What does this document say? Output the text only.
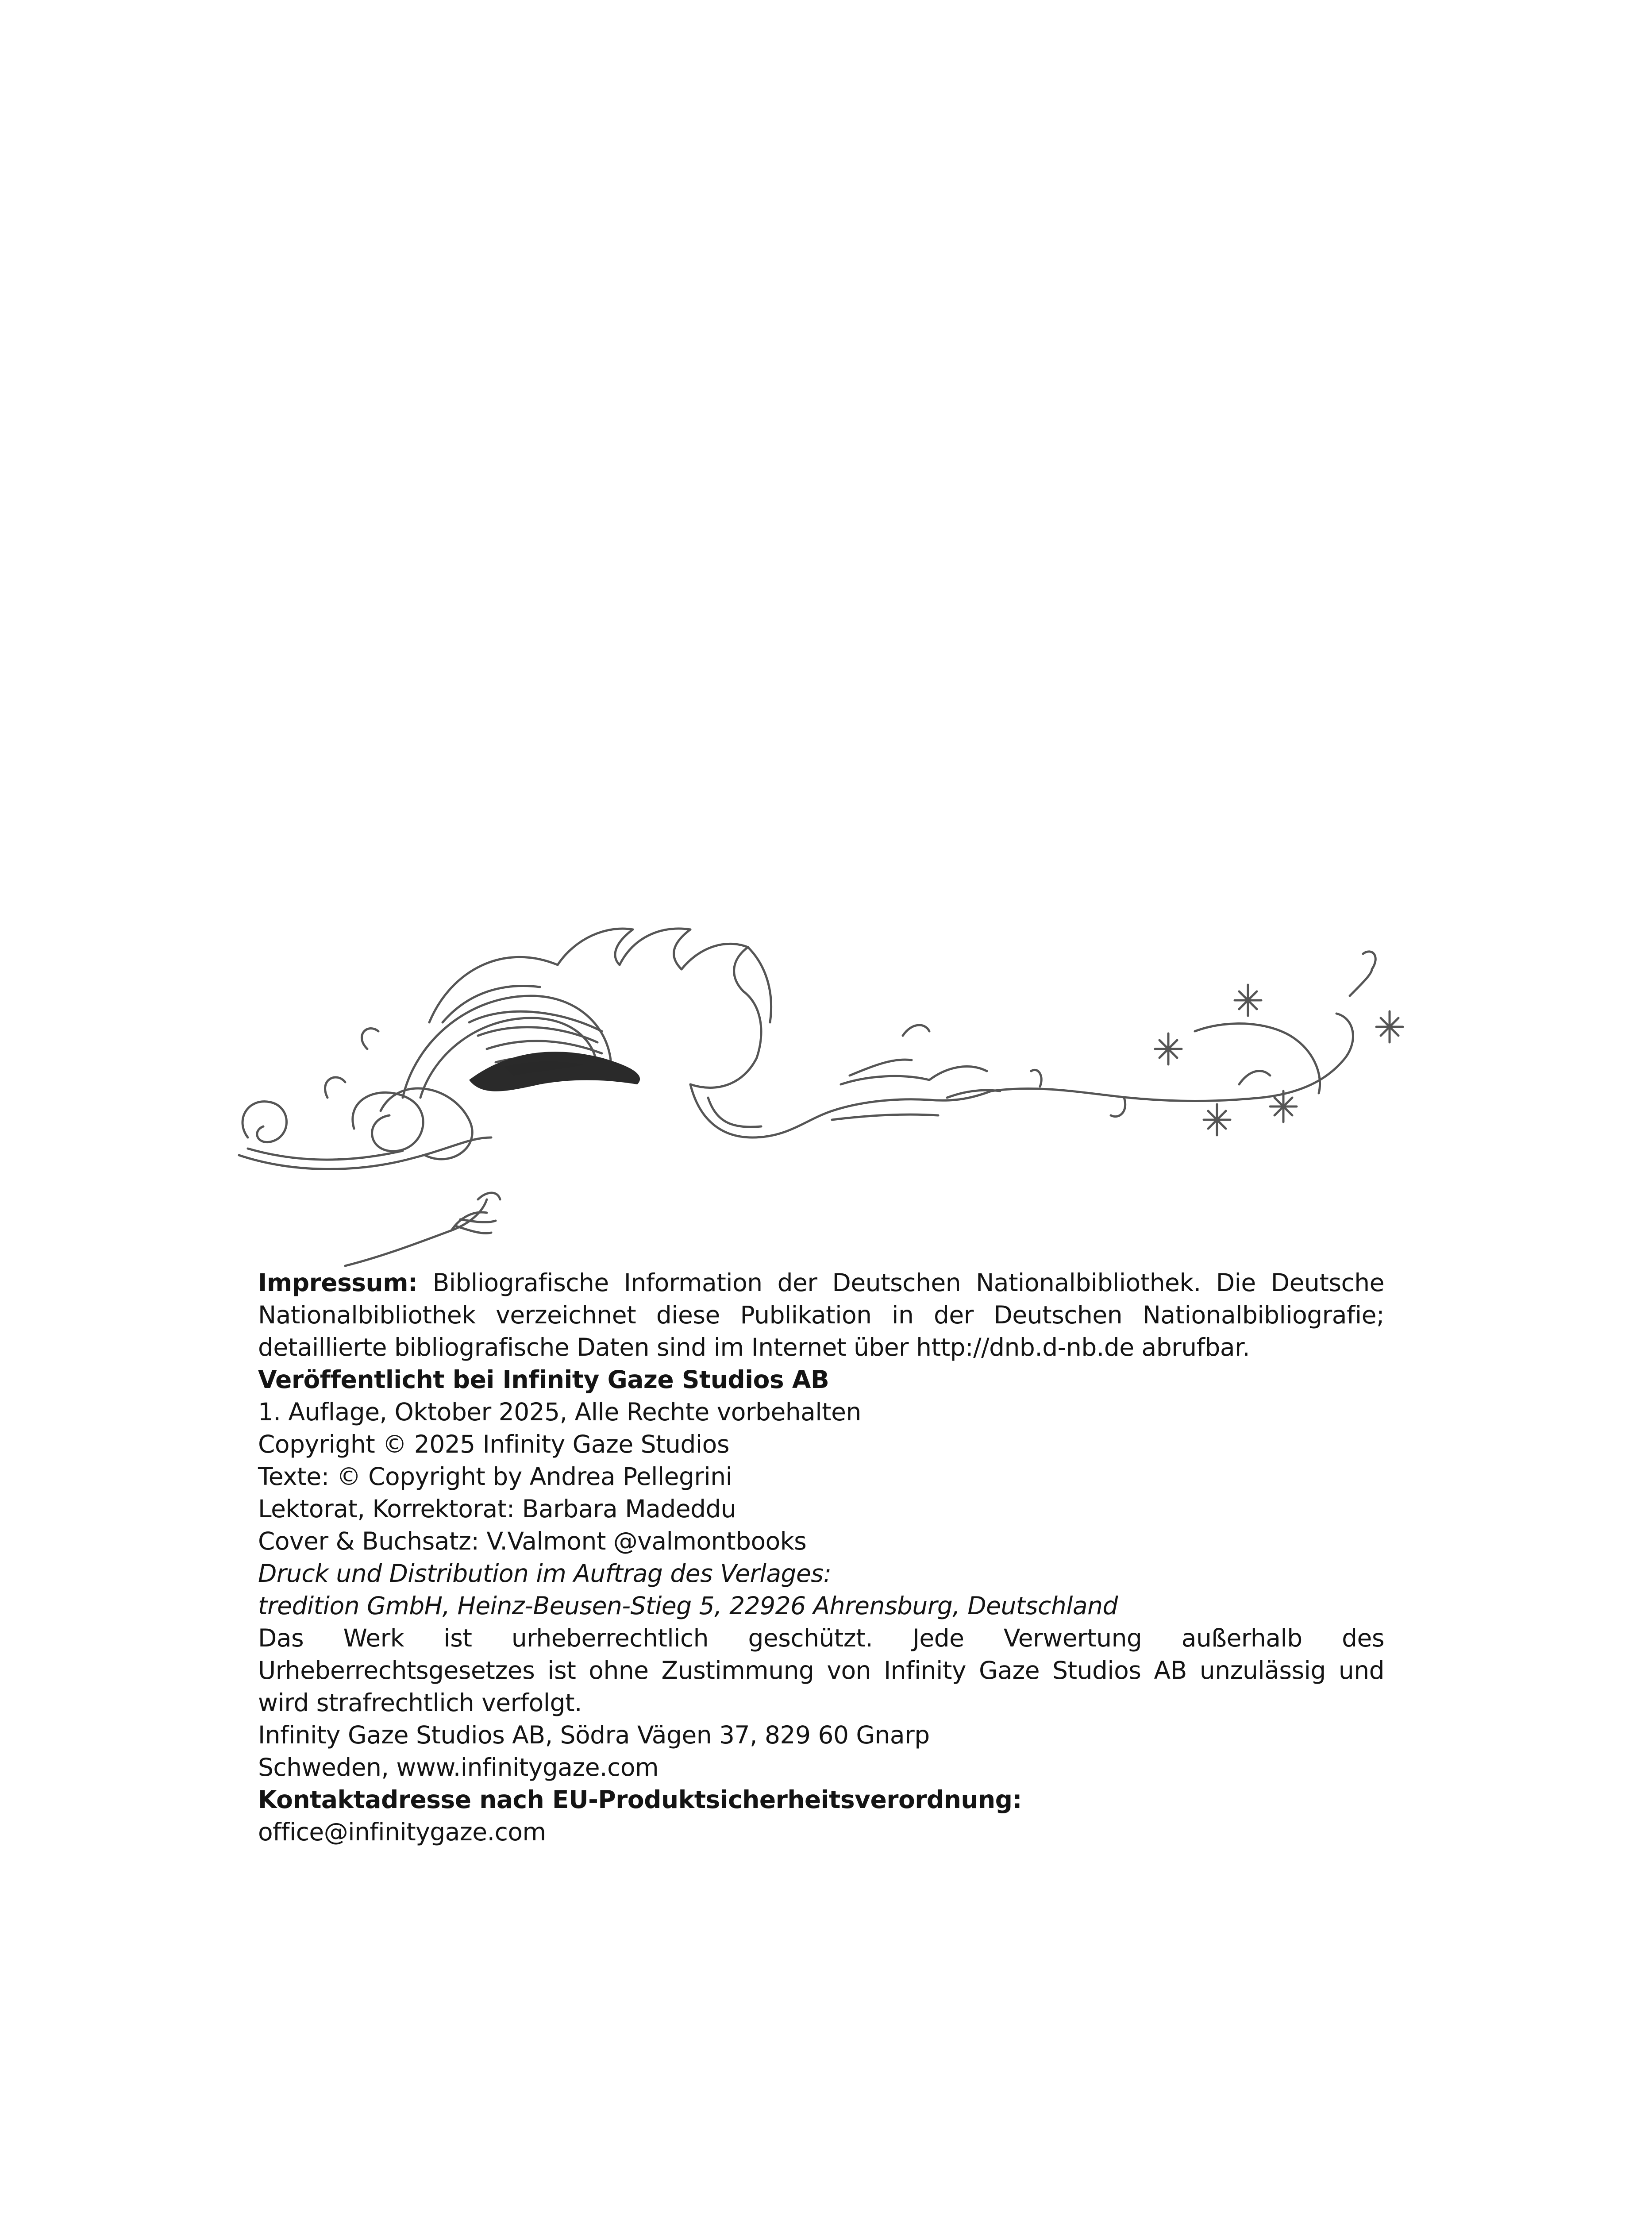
Impressum: Bibliografische Information der Deutschen Nationalbibliothek. Die Deutsche Nationalbibliothek verzeichnet diese Publikation in der Deutschen Nationalbibliografie; detaillierte bibliografische Daten sind im Internet über http://dnb.d-nb.de abrufbar.

Veröffentlicht bei Infinity Gaze Studios AB

1. Auflage, Oktober 2025, Alle Rechte vorbehalten

Copyright © 2025 Infinity Gaze Studios

Texte: © Copyright by Andrea Pellegrini

Lektorat, Korrektorat: Barbara Madeddu

Cover & Buchsatz: V.Valmont @valmontbooks

Druck und Distribution im Auftrag des Verlages:

tredition GmbH, Heinz-Beusen-Stieg 5, 22926 Ahrensburg, Deutschland

Das Werk ist urheberrechtlich geschützt. Jede Verwertung außerhalb des Urheberrechtsgesetzes ist ohne Zustimmung von Infinity Gaze Studios AB unzulässig und wird strafrechtlich verfolgt.

Infinity Gaze Studios AB, Södra Vägen 37, 829 60 Gnarp

Schweden, www.infinitygaze.com

Kontaktadresse nach EU-Produktsicherheitsverordnung:

office@infinitygaze.com
